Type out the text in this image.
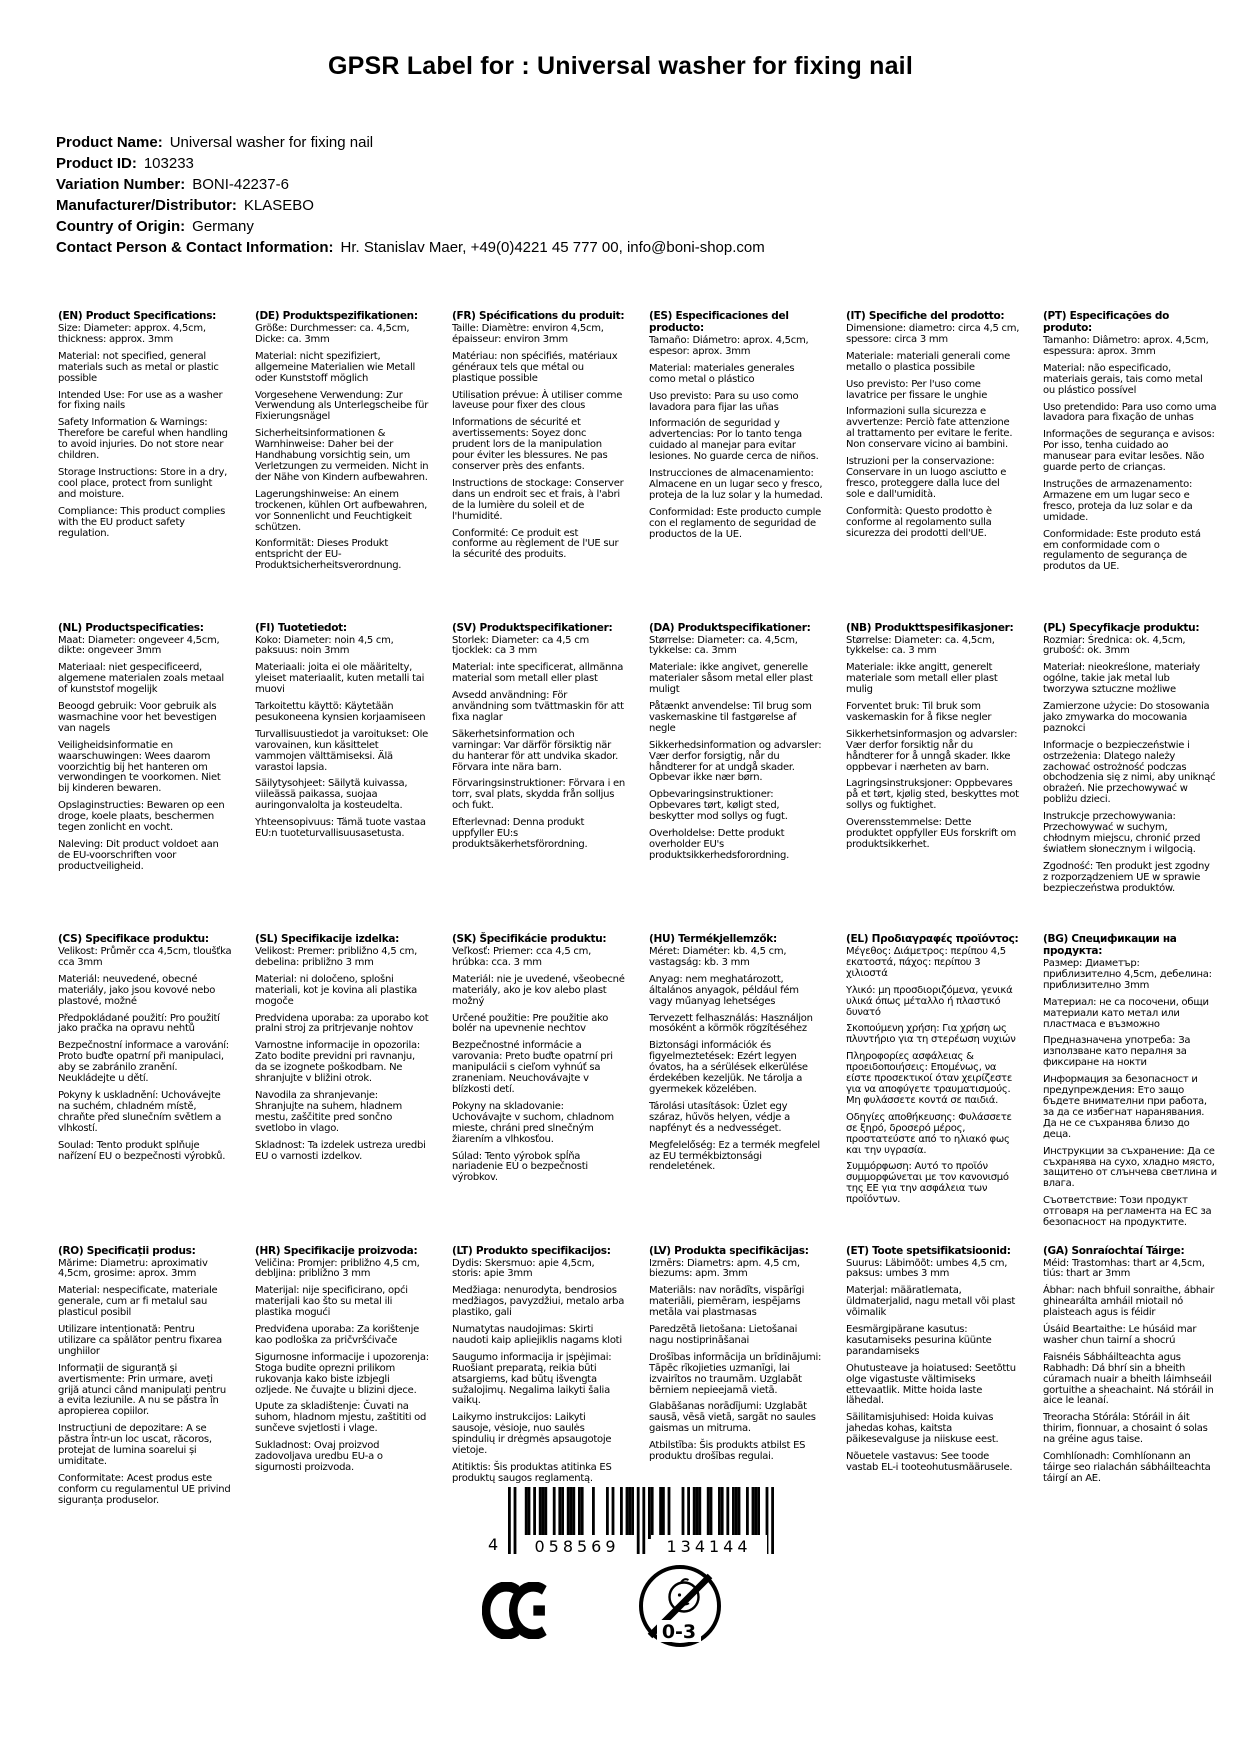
GPSR Label for : Universal washer for fixing nail
Product Name: Universal washer for fixing nail
Product ID: 103233
Variation Number: BONI-42237-6
Manufacturer/Distributor: KLASEBO
Country of Origin: Germany
Contact Person & Contact Information: Hr. Stanislav Maer, +49(0)4221 45 777 00, info@boni-shop.com
(EN) Product Specifications:

Size: Diameter: approx. 4,5cm, thickness: approx. 3mm

Material: not specified, general materials such as metal or plastic possible

Intended Use: For use as a washer for fixing nails

Safety Information & Warnings: Therefore be careful when handling to avoid injuries. Do not store near children.

Storage Instructions: Store in a dry, cool place, protect from sunlight and moisture.

Compliance: This product complies with the EU product safety regulation.

(DE) Produktspezifikationen:

Größe: Durchmesser: ca. 4,5cm, Dicke: ca. 3mm

Material: nicht spezifiziert, allgemeine Materialien wie Metall oder Kunststoff möglich

Vorgesehene Verwendung: Zur Verwendung als Unterlegscheibe für Fixierungsnägel

Sicherheitsinformationen & Warnhinweise: Daher bei der Handhabung vorsichtig sein, um Verletzungen zu vermeiden. Nicht in der Nähe von Kindern aufbewahren.

Lagerungshinweise: An einem trockenen, kühlen Ort aufbewahren, vor Sonnenlicht und Feuchtigkeit schützen.

Konformität: Dieses Produkt entspricht der EU-Produktsicherheitsverordnung.

(FR) Spécifications du produit:

Taille: Diamètre: environ 4,5cm, épaisseur: environ 3mm

Matériau: non spécifiés, matériaux généraux tels que métal ou plastique possible

Utilisation prévue: À utiliser comme laveuse pour fixer des clous

Informations de sécurité et avertissements: Soyez donc prudent lors de la manipulation pour éviter les blessures. Ne pas conserver près des enfants.

Instructions de stockage: Conserver dans un endroit sec et frais, à l'abri de la lumière du soleil et de l'humidité.

Conformité: Ce produit est conforme au règlement de l'UE sur la sécurité des produits.

(ES) Especificaciones del producto:

Tamaño: Diámetro: aprox. 4,5cm, espesor: aprox. 3mm

Material: materiales generales como metal o plástico

Uso previsto: Para su uso como lavadora para fijar las uñas

Información de seguridad y advertencias: Por lo tanto tenga cuidado al manejar para evitar lesiones. No guarde cerca de niños.

Instrucciones de almacenamiento: Almacene en un lugar seco y fresco, proteja de la luz solar y la humedad.

Conformidad: Este producto cumple con el reglamento de seguridad de productos de la UE.

(IT) Specifiche del prodotto:

Dimensione: diametro: circa 4,5 cm, spessore: circa 3 mm

Materiale: materiali generali come metallo o plastica possibile

Uso previsto: Per l'uso come lavatrice per fissare le unghie

Informazioni sulla sicurezza e avvertenze: Perciò fate attenzione al trattamento per evitare le ferite. Non conservare vicino ai bambini.

Istruzioni per la conservazione: Conservare in un luogo asciutto e fresco, proteggere dalla luce del sole e dall'umidità.

Conformità: Questo prodotto è conforme al regolamento sulla sicurezza dei prodotti dell'UE.

(PT) Especificações do produto:

Tamanho: Diâmetro: aprox. 4,5cm, espessura: aprox. 3mm

Material: não especificado, materiais gerais, tais como metal ou plástico possível

Uso pretendido: Para uso como uma lavadora para fixação de unhas

Informações de segurança e avisos: Por isso, tenha cuidado ao manusear para evitar lesões. Não guarde perto de crianças.

Instruções de armazenamento: Armazene em um lugar seco e fresco, proteja da luz solar e da umidade.

Conformidade: Este produto está em conformidade com o regulamento de segurança de produtos da UE.

(NL) Productspecificaties:

Maat: Diameter: ongeveer 4,5cm, dikte: ongeveer 3mm

Materiaal: niet gespecificeerd, algemene materialen zoals metaal of kunststof mogelijk

Beoogd gebruik: Voor gebruik als wasmachine voor het bevestigen van nagels

Veiligheidsinformatie en waarschuwingen: Wees daarom voorzichtig bij het hanteren om verwondingen te voorkomen. Niet bij kinderen bewaren.

Opslaginstructies: Bewaren op een droge, koele plaats, beschermen tegen zonlicht en vocht.

Naleving: Dit product voldoet aan de EU-voorschriften voor productveiligheid.

(FI) Tuotetiedot:

Koko: Diameter: noin 4,5 cm, paksuus: noin 3mm

Materiaali: joita ei ole määritelty, yleiset materiaalit, kuten metalli tai muovi

Tarkoitettu käyttö: Käytetään pesukoneena kynsien korjaamiseen

Turvallisuustiedot ja varoitukset: Ole varovainen, kun käsittelet vammojen välttämiseksi. Älä varastoi lapsia.

Säilytysohjeet: Säilytä kuivassa, viileässä paikassa, suojaa auringonvalolta ja kosteudelta.

Yhteensopivuus: Tämä tuote vastaa EU:n tuoteturvallisuusasetusta.

(SV) Produktspecifikationer:

Storlek: Diameter: ca 4,5 cm tjocklek: ca 3 mm

Material: inte specificerat, allmänna material som metall eller plast

Avsedd användning: För användning som tvättmaskin för att fixa naglar

Säkerhetsinformation och varningar: Var därför försiktig när du hanterar för att undvika skador. Förvara inte nära barn.

Förvaringsinstruktioner: Förvara i en torr, sval plats, skydda från solljus och fukt.

Efterlevnad: Denna produkt uppfyller EU:s produktsäkerhetsförordning.

(DA) Produktspecifikationer:

Størrelse: Diameter: ca. 4,5cm, tykkelse: ca. 3mm

Materiale: ikke angivet, generelle materialer såsom metal eller plast muligt

Påtænkt anvendelse: Til brug som vaskemaskine til fastgørelse af negle

Sikkerhedsinformation og advarsler: Vær derfor forsigtig, når du håndterer for at undgå skader. Opbevar ikke nær børn.

Opbevaringsinstruktioner: Opbevares tørt, køligt sted, beskytter mod sollys og fugt.

Overholdelse: Dette produkt overholder EU's produktsikkerhedsforordning.

(NB) Produkttspesifikasjoner:

Størrelse: Diameter: ca. 4,5cm, tykkelse: ca. 3 mm

Materiale: ikke angitt, generelt materiale som metall eller plast mulig

Forventet bruk: Til bruk som vaskemaskin for å fikse negler

Sikkerhetsinformasjon og advarsler: Vær derfor forsiktig når du håndterer for å unngå skader. Ikke oppbevar i nærheten av barn.

Lagringsinstruksjoner: Oppbevares på et tørt, kjølig sted, beskyttes mot sollys og fuktighet.

Overensstemmelse: Dette produktet oppfyller EUs forskrift om produktsikkerhet.

(PL) Specyfikacje produktu:

Rozmiar: Średnica: ok. 4,5cm, grubość: ok. 3mm

Materiał: nieokreślone, materiały ogólne, takie jak metal lub tworzywa sztuczne możliwe

Zamierzone użycie: Do stosowania jako zmywarka do mocowania paznokci

Informacje o bezpieczeństwie i ostrzeżenia: Dlatego należy zachować ostrożność podczas obchodzenia się z nimi, aby uniknąć obrażeń. Nie przechowywać w pobliżu dzieci.

Instrukcje przechowywania: Przechowywać w suchym, chłodnym miejscu, chronić przed światłem słonecznym i wilgocią.

Zgodność: Ten produkt jest zgodny z rozporządzeniem UE w sprawie bezpieczeństwa produktów.

(CS) Specifikace produktu:

Velikost: Průměr cca 4,5cm, tloušťka cca 3mm

Materiál: neuvedené, obecné materiály, jako jsou kovové nebo plastové, možné

Předpokládané použití: Pro použití jako pračka na opravu nehtů

Bezpečnostní informace a varování: Proto buďte opatrní při manipulaci, aby se zabránilo zranění. Neukládejte u dětí.

Pokyny k uskladnění: Uchovávejte na suchém, chladném místě, chraňte před slunečním světlem a vlhkostí.

Soulad: Tento produkt splňuje nařízení EU o bezpečnosti výrobků.

(SL) Specifikacije izdelka:

Velikost: Premer: približno 4,5 cm, debelina: približno 3 mm

Material: ni določeno, splošni materiali, kot je kovina ali plastika mogoče

Predvidena uporaba: za uporabo kot pralni stroj za pritrjevanje nohtov

Varnostne informacije in opozorila: Zato bodite previdni pri ravnanju, da se izognete poškodbam. Ne shranjujte v bližini otrok.

Navodila za shranjevanje: Shranjujte na suhem, hladnem mestu, zaščitite pred sončno svetlobo in vlago.

Skladnost: Ta izdelek ustreza uredbi EU o varnosti izdelkov.

(SK) Špecifikácie produktu:

Veľkosť: Priemer: cca 4,5 cm, hrúbka: cca. 3 mm

Materiál: nie je uvedené, všeobecné materiály, ako je kov alebo plast možný

Určené použitie: Pre použitie ako bolér na upevnenie nechtov

Bezpečnostné informácie a varovania: Preto buďte opatrní pri manipulácii s cieľom vyhnúť sa zraneniam. Neuchovávajte v blízkosti detí.

Pokyny na skladovanie: Uchovávajte v suchom, chladnom mieste, chráni pred slnečným žiarením a vlhkosťou.

Súlad: Tento výrobok spĺňa nariadenie EÚ o bezpečnosti výrobkov.

(HU) Termékjellemzők:

Méret: Diaméter: kb. 4,5 cm, vastagság: kb. 3 mm

Anyag: nem meghatározott, általános anyagok, például fém vagy műanyag lehetséges

Tervezett felhasználás: Használjon mosóként a körmök rögzítéséhez

Biztonsági információk és figyelmeztetések: Ezért legyen óvatos, ha a sérülések elkerülése érdekében kezeljük. Ne tárolja a gyermekek közelében.

Tárolási utasítások: Üzlet egy száraz, hűvös helyen, védje a napfényt és a nedvességet.

Megfelelőség: Ez a termék megfelel az EU termékbiztonsági rendeletének.

(EL) Προδιαγραφές προϊόντος:

Μέγεθος: Διάμετρος: περίπου 4,5 εκατοστά, πάχος: περίπου 3 χιλιοστά

Υλικό: μη προσδιοριζόμενα, γενικά υλικά όπως μέταλλο ή πλαστικό δυνατό

Σκοπούμενη χρήση: Για χρήση ως πλυντήριο για τη στερέωση νυχιών

Πληροφορίες ασφάλειας & προειδοποιήσεις: Επομένως, να είστε προσεκτικοί όταν χειρίζεστε για να αποφύγετε τραυματισμούς. Μη φυλάσσετε κοντά σε παιδιά.

Οδηγίες αποθήκευσης: Φυλάσσετε σε ξηρό, δροσερό μέρος, προστατεύστε από το ηλιακό φως και την υγρασία.

Συμμόρφωση: Αυτό το προϊόν συμμορφώνεται με τον κανονισμό της ΕΕ για την ασφάλεια των προϊόντων.

(BG) Спецификации на продукта:

Размер: Диаметър: приблизително 4,5cm, дебелина: приблизително 3mm

Материал: не са посочени, общи материали като метал или пластмаса е възможно

Предназначена употреба: За използване като пералня за фиксиране на нокти

Информация за безопасност и предупреждения: Ето защо бъдете внимателни при работа, за да се избегнат наранявания. Да не се съхранява близо до деца.

Инструкции за съхранение: Да се съхранява на сухо, хладно място, защитено от слънчева светлина и влага.

Съответствие: Този продукт отговаря на регламента на ЕС за безопасност на продуктите.

(RO) Specificații produs:

Mărime: Diametru: aproximativ 4,5cm, grosime: aprox. 3mm

Material: nespecificate, materiale generale, cum ar fi metalul sau plasticul posibil

Utilizare intenționată: Pentru utilizare ca spălător pentru fixarea unghiilor

Informații de siguranță și avertismente: Prin urmare, aveți grijă atunci când manipulați pentru a evita leziunile. A nu se păstra în apropierea copiilor.

Instrucțiuni de depozitare: A se păstra într-un loc uscat, răcoros, protejat de lumina soarelui și umiditate.

Conformitate: Acest produs este conform cu regulamentul UE privind siguranța produselor.

(HR) Specifikacije proizvoda:

Veličina: Promjer: približno 4,5 cm, debljina: približno 3 mm

Materijal: nije specificirano, opći materijali kao što su metal ili plastika mogući

Predviđena uporaba: Za korištenje kao podloška za pričvršćivače

Sigurnosne informacije i upozorenja: Stoga budite oprezni prilikom rukovanja kako biste izbjegli ozljede. Ne čuvajte u blizini djece.

Upute za skladištenje: Čuvati na suhom, hladnom mjestu, zaštititi od sunčeve svjetlosti i vlage.

Sukladnost: Ovaj proizvod zadovoljava uredbu EU-a o sigurnosti proizvoda.

(LT) Produkto specifikacijos:

Dydis: Skersmuo: apie 4,5cm, storis: apie 3mm

Medžiaga: nenurodyta, bendrosios medžiagos, pavyzdžiui, metalo arba plastiko, gali

Numatytas naudojimas: Skirti naudoti kaip apliejiklis nagams kloti

Saugumo informacija ir įspėjimai: Ruošiant preparatą, reikia būti atsargiems, kad būtų išvengta sužalojimų. Negalima laikyti šalia vaikų.

Laikymo instrukcijos: Laikyti sausoje, vėsioje, nuo saulės spindulių ir drėgmės apsaugotoje vietoje.

Atitiktis: Šis produktas atitinka ES produktų saugos reglamentą.

(LV) Produkta specifikācijas:

Izmērs: Diametrs: apm. 4,5 cm, biezums: apm. 3mm

Materiāls: nav norādīts, vispārīgi materiāli, piemēram, iespējams metāla vai plastmasas

Paredzētā lietošana: Lietošanai nagu nostiprināšanai

Drošības informācija un brīdinājumi: Tāpēc rīkojieties uzmanīgi, lai izvairītos no traumām. Uzglabāt bērniem nepieejamā vietā.

Glabāšanas norādījumi: Uzglabāt sausā, vēsā vietā, sargāt no saules gaismas un mitruma.

Atbilstība: Šis produkts atbilst ES produktu drošības regulai.

(ET) Toote spetsifikatsioonid:

Suurus: Läbimõõt: umbes 4,5 cm, paksus: umbes 3 mm

Materjal: määratlemata, üldmaterjalid, nagu metall või plast võimalik

Eesmärgipärane kasutus: kasutamiseks pesurina küünte parandamiseks

Ohutusteave ja hoiatused: Seetõttu olge vigastuste vältimiseks ettevaatlik. Mitte hoida laste lähedal.

Säilitamisjuhised: Hoida kuivas jahedas kohas, kaitsta päikesevalguse ja niiskuse eest.

Nõuetele vastavus: See toode vastab EL-i tooteohutusmäärusele.

(GA) Sonraíochtaí Táirge:

Méid: Trastomhas: thart ar 4,5cm, tiús: thart ar 3mm

Ábhar: nach bhfuil sonraithe, ábhair ghinearálta amháil miotail nó plaisteach agus is féidir

Úsáid Beartaithe: Le húsáid mar washer chun tairní a shocrú

Faisnéis Sábháilteachta agus Rabhadh: Dá bhrí sin a bheith cúramach nuair a bheith láimhseáil gortuithe a sheachaint. Ná stóráil in aice le leanaí.

Treoracha Stórála: Stóráil in áit thirim, fionnuar, a chosaint ó solas na gréine agus taise.

Comhlíonadh: Comhlíonann an táirge seo rialachán sábháilteachta táirgí an AE.

4	058569	134144
0-3
